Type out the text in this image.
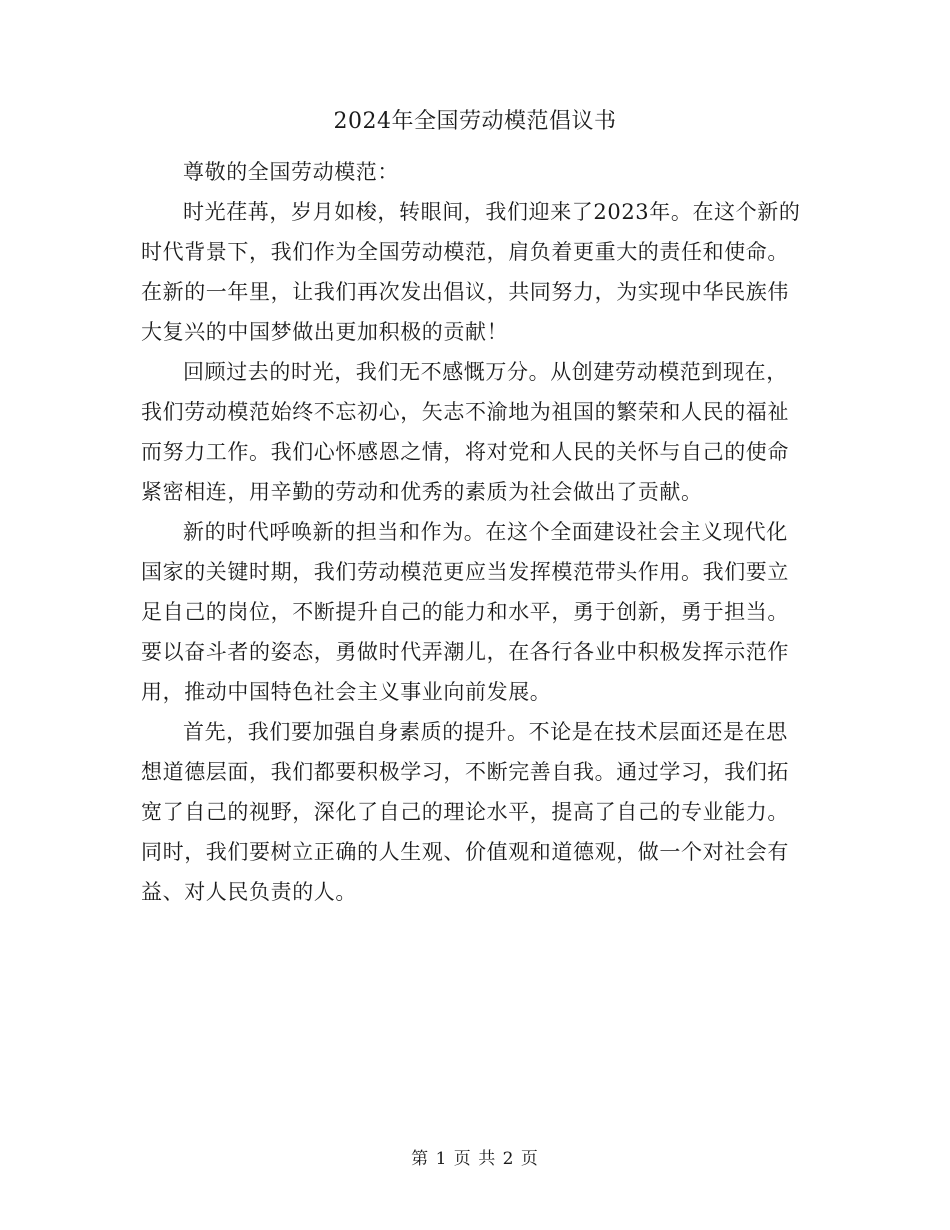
2024年全国劳动模范倡议书

尊敬的全国劳动模范：

时光荏苒，岁月如梭，转眼间，我们迎来了2023年。在这个新的时代背景下，我们作为全国劳动模范，肩负着更重大的责任和使命。在新的一年里，让我们再次发出倡议，共同努力，为实现中华民族伟大复兴的中国梦做出更加积极的贡献！

回顾过去的时光，我们无不感慨万分。从创建劳动模范到现在，我们劳动模范始终不忘初心，矢志不渝地为祖国的繁荣和人民的福祉而努力工作。我们心怀感恩之情，将对党和人民的关怀与自己的使命紧密相连，用辛勤的劳动和优秀的素质为社会做出了贡献。

新的时代呼唤新的担当和作为。在这个全面建设社会主义现代化国家的关键时期，我们劳动模范更应当发挥模范带头作用。我们要立足自己的岗位，不断提升自己的能力和水平，勇于创新，勇于担当。要以奋斗者的姿态，勇做时代弄潮儿，在各行各业中积极发挥示范作用，推动中国特色社会主义事业向前发展。

首先，我们要加强自身素质的提升。不论是在技术层面还是在思想道德层面，我们都要积极学习，不断完善自我。通过学习，我们拓宽了自己的视野，深化了自己的理论水平，提高了自己的专业能力。同时，我们要树立正确的人生观、价值观和道德观，做一个对社会有益、对人民负责的人。

第 1 页 共 2 页
